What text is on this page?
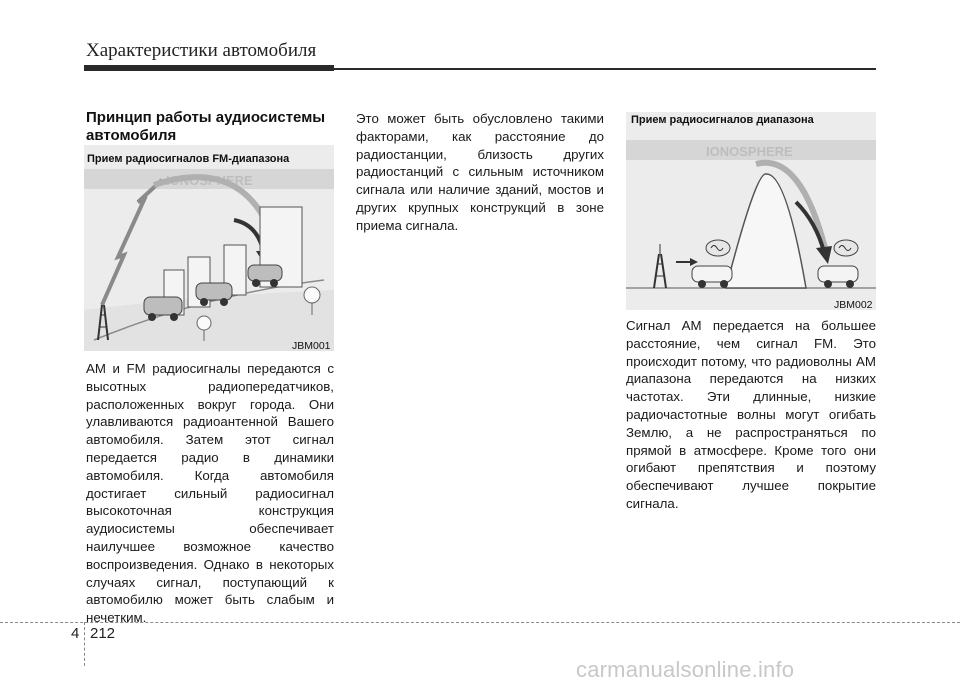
Характеристики автомобиля
Принцип работы аудиосистемы автомобиля
IONOSPHERE
Прием радиосигналов FM-диапазона
JBM001
AM и FM радиосигналы передаются с высотных радиопередатчиков, расположенных вокруг города. Они улавливаются радиоантенной Вашего автомобиля. Затем этот сигнал передается радио в динамики автомобиля. Когда автомобиля достигает сильный радиосигнал высокоточная конструкция аудиосистемы обеспечивает наилучшее возможное качество воспроизведения. Однако в некоторых случаях сигнал, поступающий к автомобилю может быть слабым и нечетким.
Это может быть обусловлено такими факторами, как расстояние до радиостанции, близость других радиостанций с сильным источником сигнала или наличие зданий, мостов и других крупных конструкций в зоне приема сигнала.
IONOSPHERE
Прием радиосигналов диапазона
JBM002
Сигнал AM передается на большее расстояние, чем сигнал FM. Это происходит потому, что радиоволны AM диапазона передаются на низких частотах. Эти длинные, низкие радиочастотные волны могут огибать Землю, а не распространяться по прямой в атмосфере. Кроме того они огибают препятствия и поэтому обеспечивают лучшее покрытие сигнала.
4 212
carmanualsonline.info
